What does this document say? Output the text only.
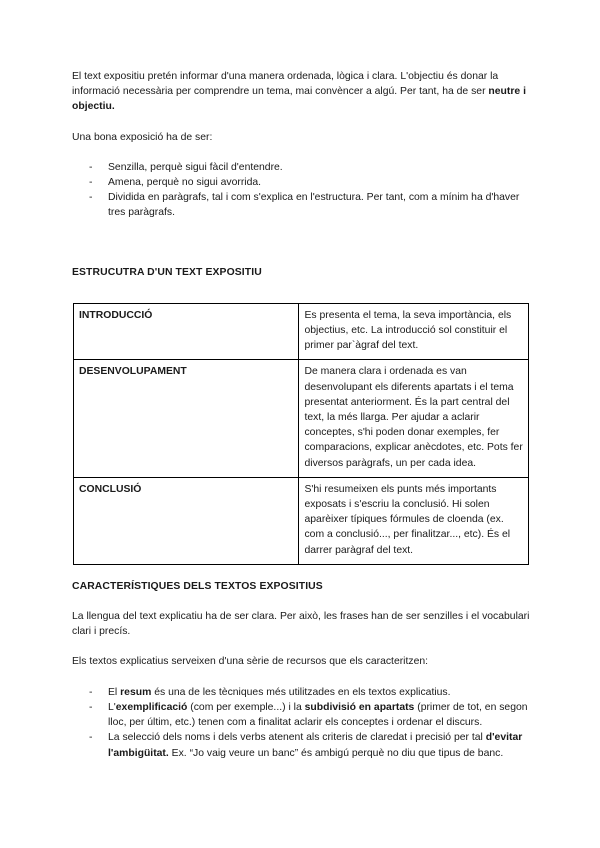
El text expositiu pretén informar d'una manera ordenada, lògica i clara. L'objectiu és donar la informació necessària per comprendre un tema, mai convèncer a algú. Per tant, ha de ser neutre i objectiu.

Una bona exposició ha de ser:

- Senzilla, perquè sigui fàcil d'entendre.
- Amena, perquè no sigui avorrida.
- Dividida en paràgrafs, tal i com s'explica en l'estructura. Per tant, com a mínim ha d'haver tres paràgrafs.
ESTRUCUTRA D'UN TEXT EXPOSITIU
INTRODUCCIÓ	Es presenta el tema, la seva importància, els objectius, etc. La introducció sol constituir el primer par`àgraf del text.
DESENVOLUPAMENT	De manera clara i ordenada es van desenvolupant els diferents apartats i el tema presentat anteriorment. És la part central del text, la més llarga. Per ajudar a aclarir conceptes, s'hi poden donar exemples, fer comparacions, explicar anècdotes, etc. Pots fer diversos paràgrafs, un per cada idea.
CONCLUSIÓ	S'hi resumeixen els punts més importants exposats i s'escriu la conclusió. Hi solen aparèixer típiques fórmules de cloenda (ex. com a conclusió..., per finalitzar..., etc). És el darrer paràgraf del text.
CARACTERÍSTIQUES DELS TEXTOS EXPOSITIUS

La llengua del text explicatiu ha de ser clara. Per això, les frases han de ser senzilles i el vocabulari clari i precís.

Els textos explicatius serveixen d'una sèrie de recursos que els caracteritzen:

- El resum és una de les tècniques més utilitzades en els textos explicatius.
- L'exemplificació (com per exemple...) i la subdivisió en apartats (primer de tot, en segon lloc, per últim, etc.) tenen com a finalitat aclarir els conceptes i ordenar el discurs.
- La selecció dels noms i dels verbs atenent als criteris de claredat i precisió per tal d'evitar l'ambigüitat. Ex. “Jo vaig veure un banc” és ambigú perquè no diu que tipus de banc.
